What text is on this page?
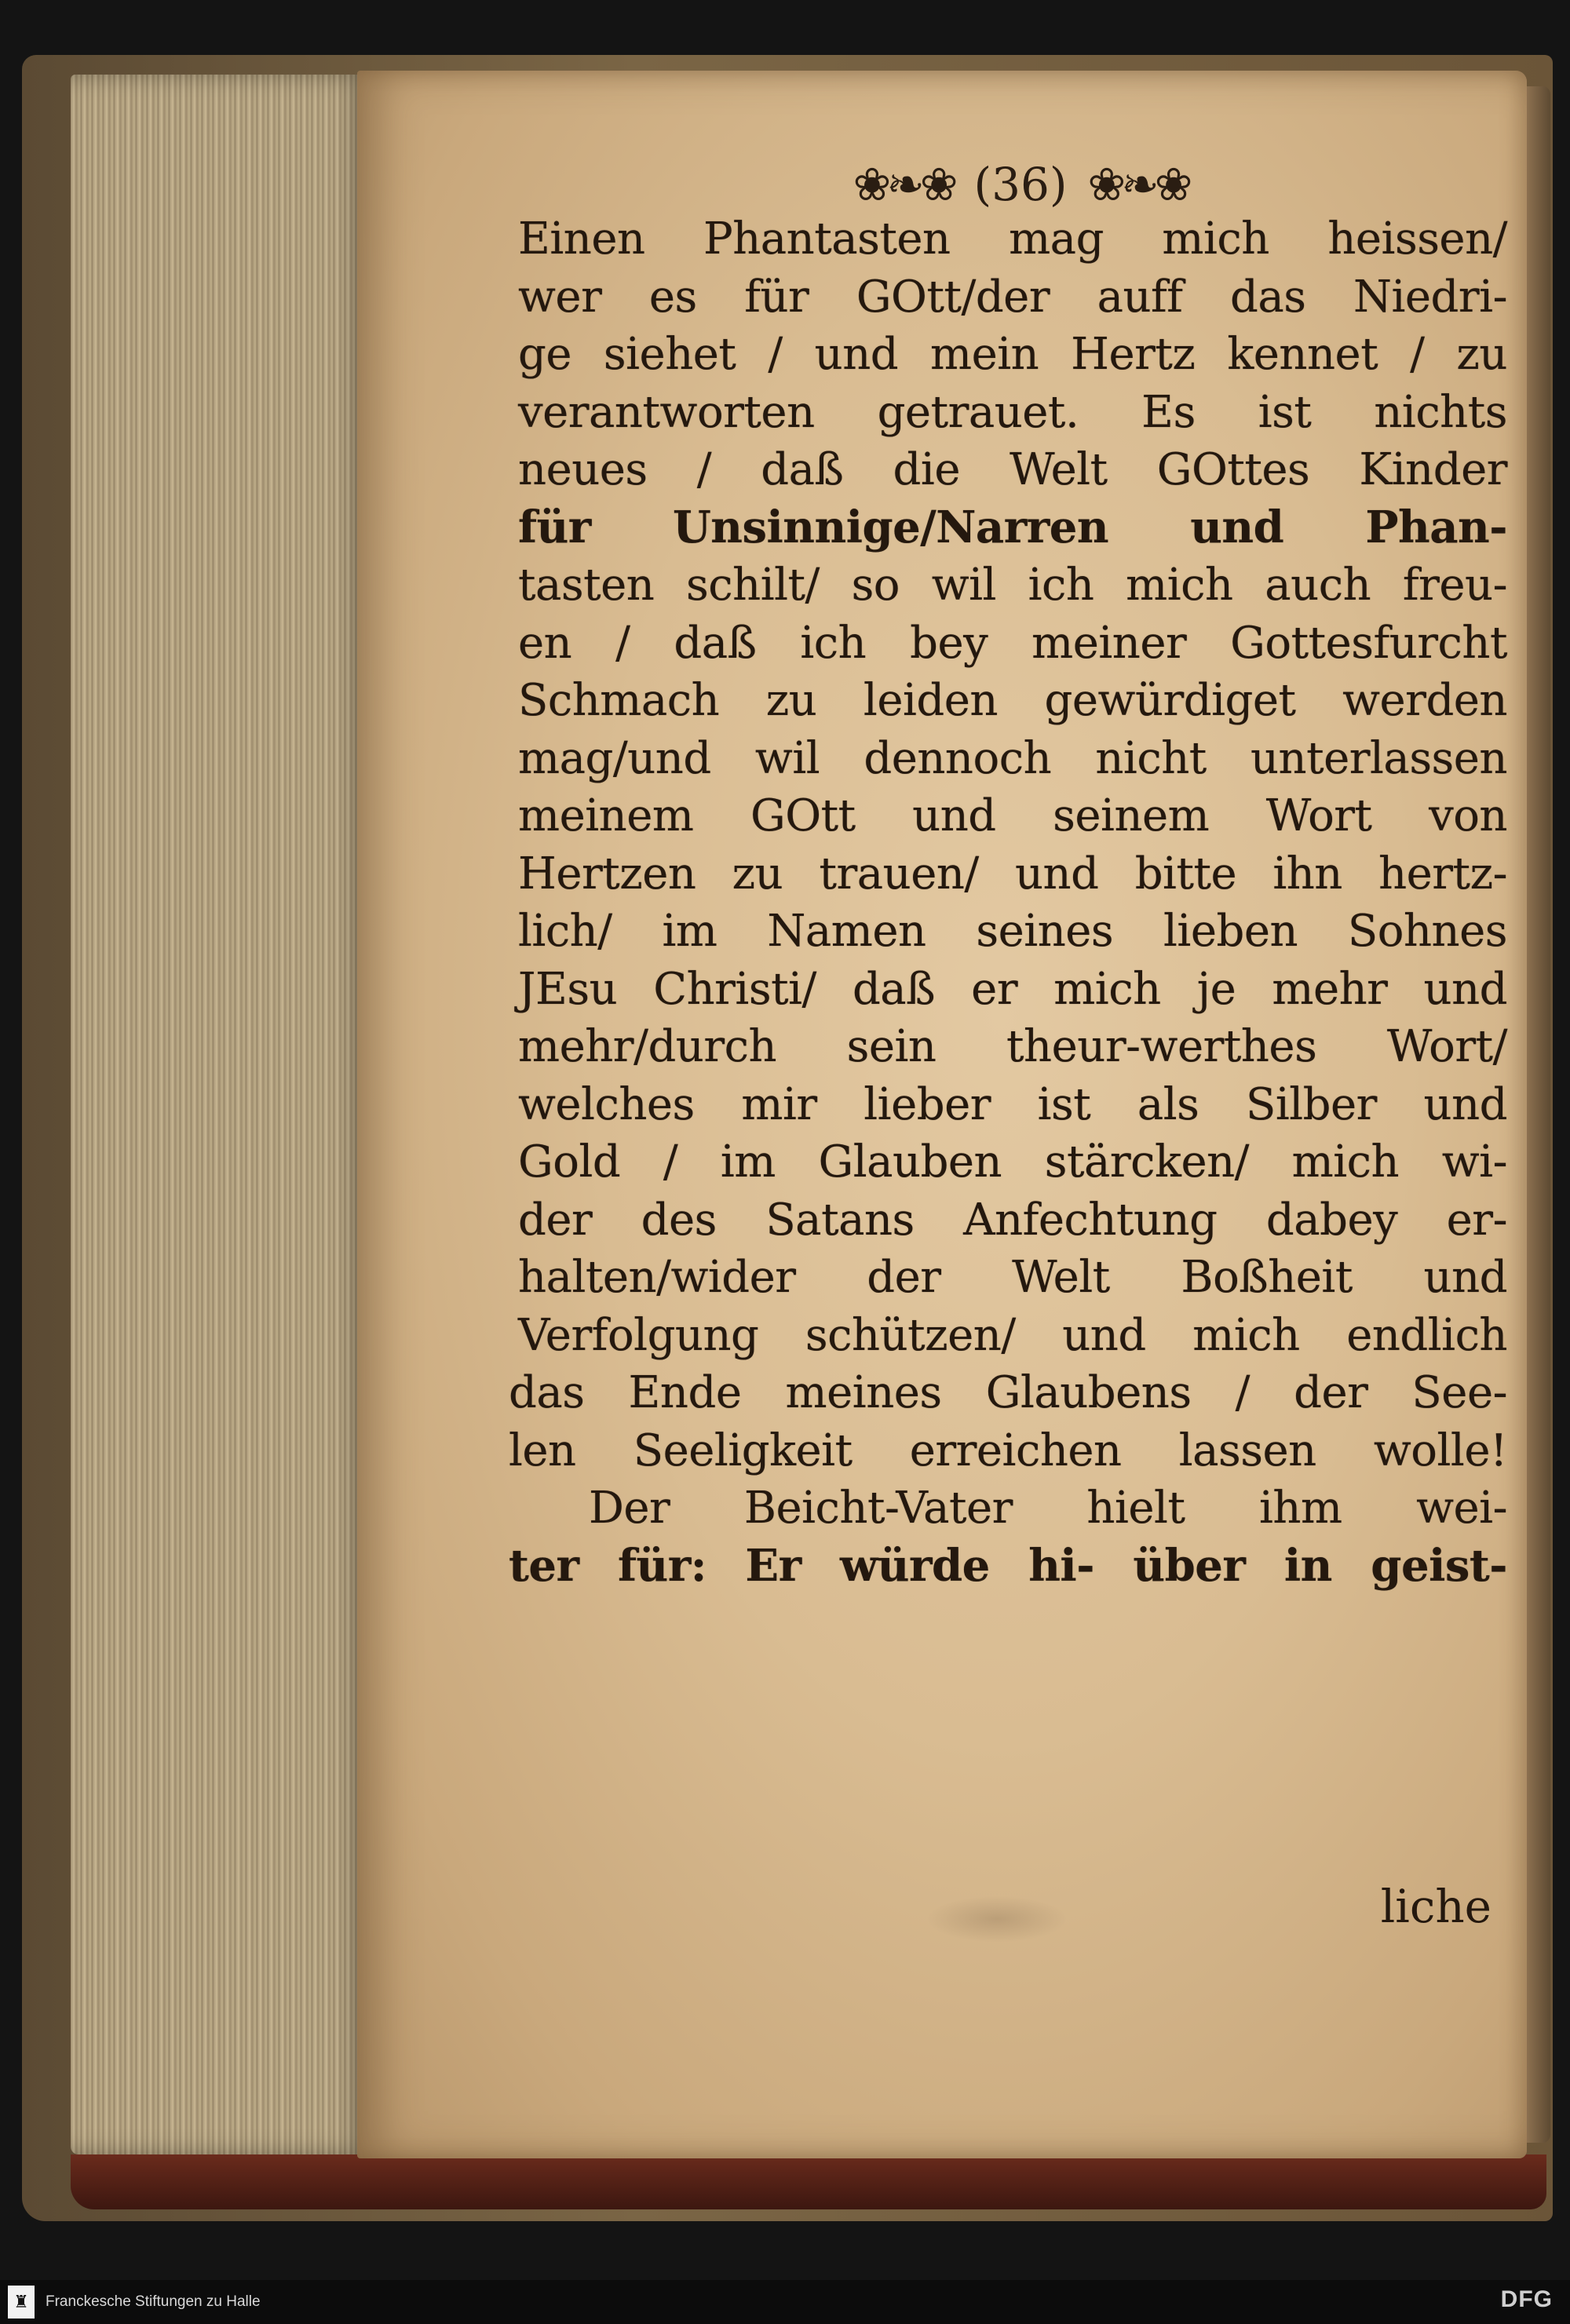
❀❧❀ (36) ❀❧❀
Einen Phantasten mag mich heissen/
wer es für GOtt/der auff das Niedri-
ge siehet / und mein Hertz kennet / zu
verantworten getrauet. Es ist nichts
neues / daß die Welt GOttes Kinder
für Unsinnige/Narren und Phan-
tasten schilt/ so wil ich mich auch freu-
en / daß ich bey meiner Gottesfurcht
Schmach zu leiden gewürdiget werden
mag/und wil dennoch nicht unterlassen
meinem GOtt und seinem Wort von
Hertzen zu trauen/ und bitte ihn hertz-
lich/ im Namen seines lieben Sohnes
JEsu Christi/ daß er mich je mehr und
mehr/durch sein theur-werthes Wort/
welches mir lieber ist als Silber und
Gold / im Glauben stärcken/ mich wi-
der des Satans Anfechtung dabey er-
halten/wider der Welt Boßheit und
Verfolgung schützen/ und mich endlich
das Ende meines Glaubens / der See-
len Seeligkeit erreichen lassen wolle!
Der Beicht-Vater hielt ihm wei-
ter für: Er würde hi- über in geist-
liche
♜	Franckesche Stiftungen zu Halle	DFG
